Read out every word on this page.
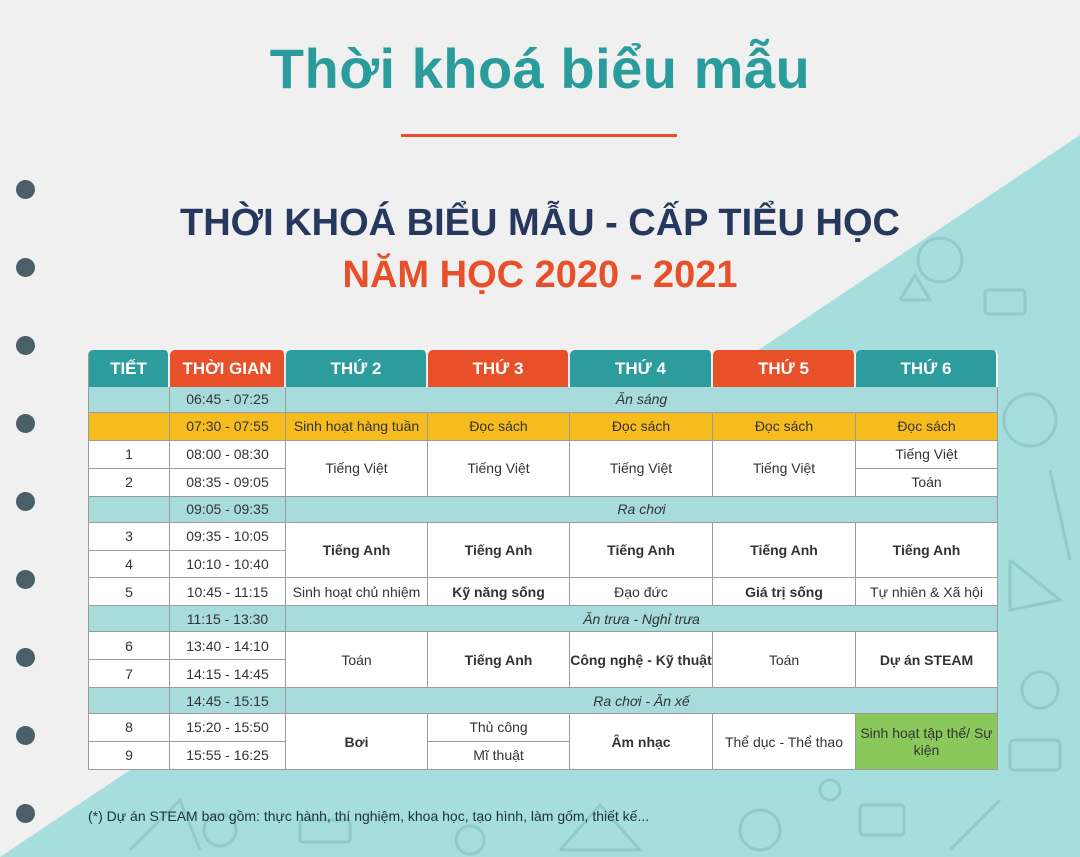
Thời khoá biểu mẫu
THỜI KHOÁ BIỂU MẪU - CẤP TIỂU HỌC
NĂM HỌC 2020 - 2021
TIẾT	THỜI GIAN	THỨ 2	THỨ 3	THỨ 4	THỨ 5	THỨ 6
	06:45 - 07:25	Ăn sáng				
	07:30 - 07:55	Sinh hoạt hàng tuần	Đọc sách	Đọc sách	Đọc sách	Đọc sách
1	08:00 - 08:30	Tiếng Việt	Tiếng Việt	Tiếng Việt	Tiếng Việt	Tiếng Việt
2	08:35 - 09:05					Toán
	09:05 - 09:35	Ra chơi				
3	09:35 - 10:05	Tiếng Anh	Tiếng Anh	Tiếng Anh	Tiếng Anh	Tiếng Anh
4	10:10 - 10:40					
5	10:45 - 11:15	Sinh hoạt chủ nhiệm	Kỹ năng sống	Đạo đức	Giá trị sống	Tự nhiên & Xã hội
	11:15 - 13:30	Ăn trưa - Nghỉ trưa				
6	13:40 - 14:10	Toán	Tiếng Anh	Công nghệ - Kỹ thuật	Toán	Dự án STEAM
7	14:15 - 14:45					
	14:45 - 15:15	Ra chơi - Ăn xế				
8	15:20 - 15:50	Bơi	Thủ công	Âm nhạc	Thể dục - Thể thao	Sinh hoạt tập thể/ Sự kiện
9	15:55 - 16:25		Mĩ thuật			
(*) Dự án STEAM bao gồm: thực hành, thí nghiệm, khoa học, tạo hình, làm gốm, thiết kế...
